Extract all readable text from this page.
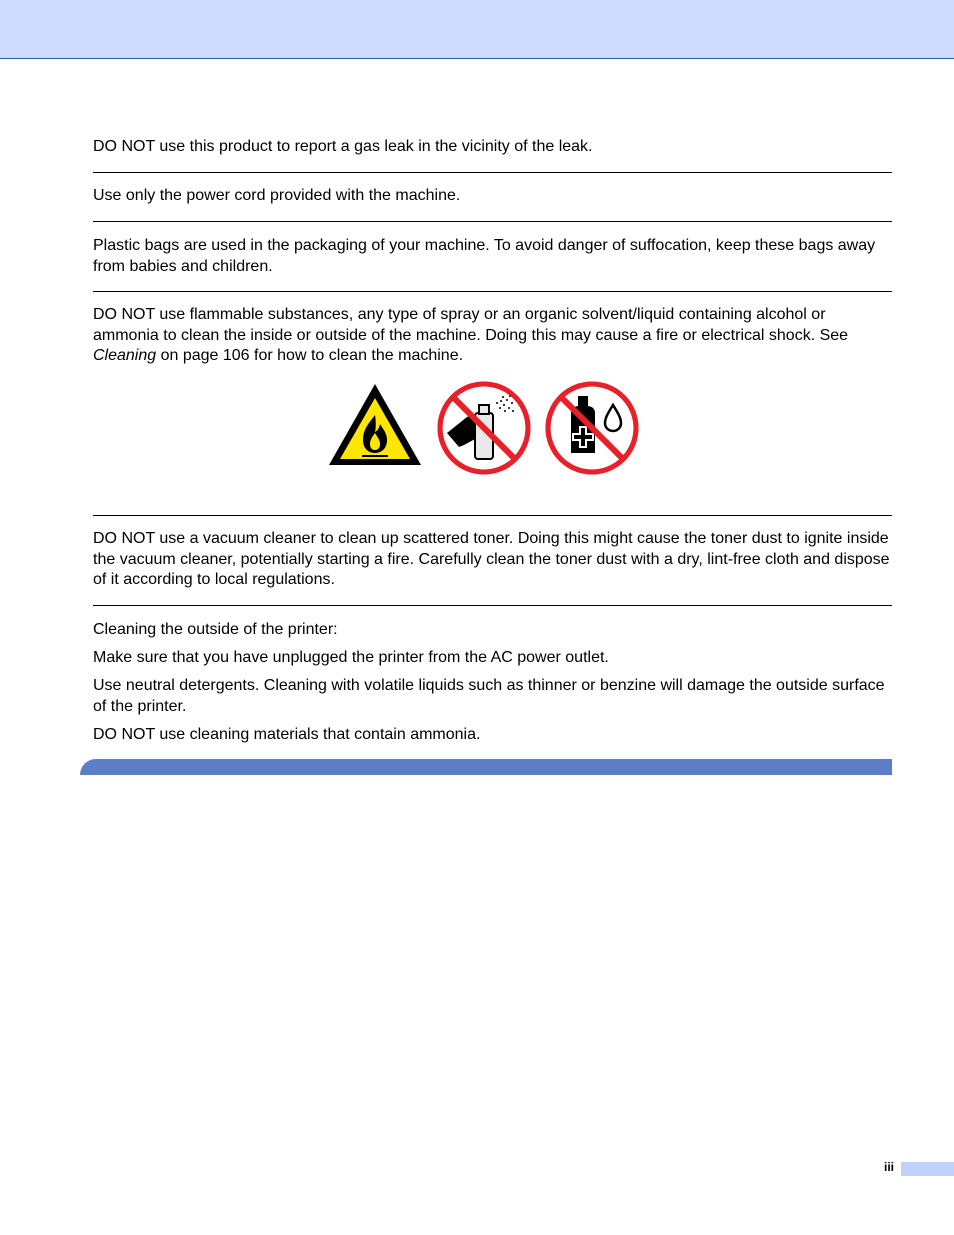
DO NOT use this product to report a gas leak in the vicinity of the leak.

Use only the power cord provided with the machine.

Plastic bags are used in the packaging of your machine. To avoid danger of suffocation, keep these bags away from babies and children.

DO NOT use flammable substances, any type of spray or an organic solvent/liquid containing alcohol or ammonia to clean the inside or outside of the machine. Doing this may cause a fire or electrical shock. See Cleaning on page 106 for how to clean the machine.

DO NOT use a vacuum cleaner to clean up scattered toner. Doing this might cause the toner dust to ignite inside the vacuum cleaner, potentially starting a fire. Carefully clean the toner dust with a dry, lint-free cloth and dispose of it according to local regulations.

Cleaning the outside of the printer:

Make sure that you have unplugged the printer from the AC power outlet.

Use neutral detergents. Cleaning with volatile liquids such as thinner or benzine will damage the outside surface of the printer.

DO NOT use cleaning materials that contain ammonia.

iii
